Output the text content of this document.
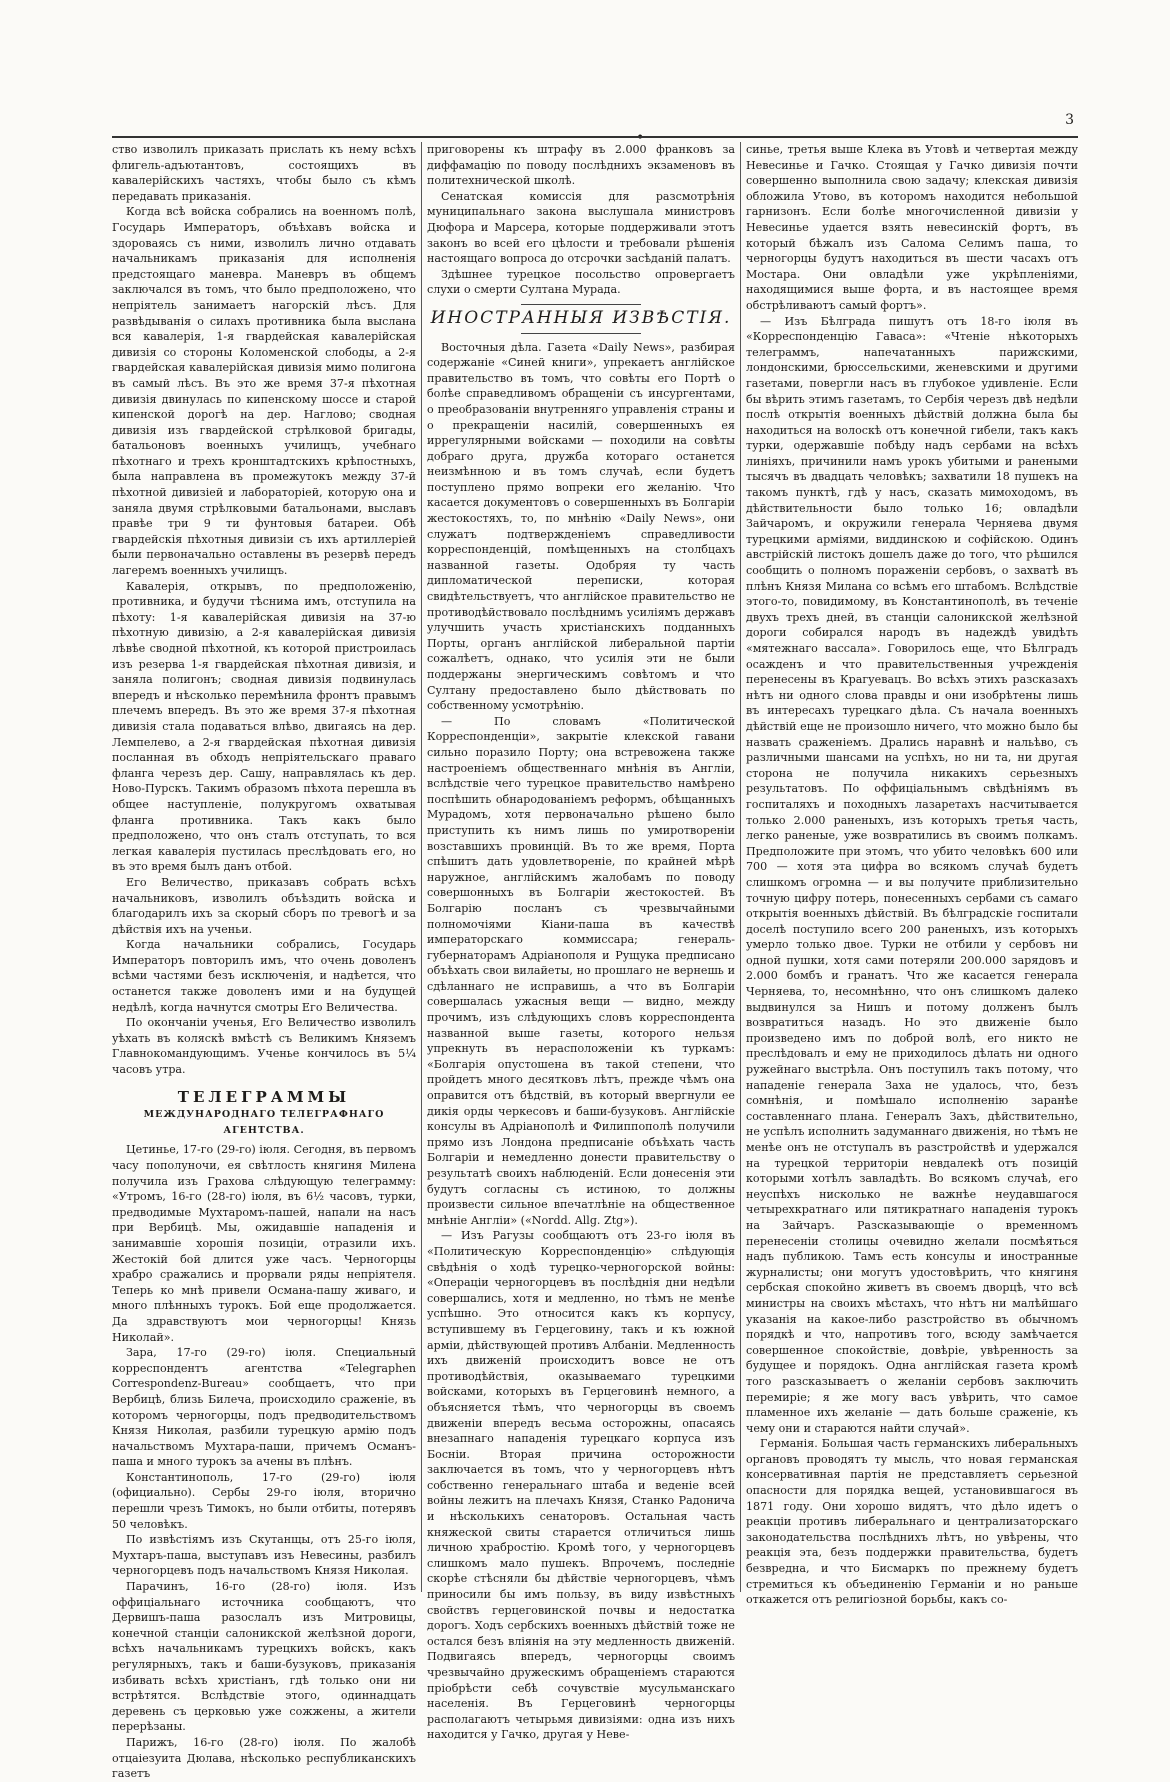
3
•

ство изволилъ приказать прислать къ нему всѣхъ флигель-адъютантовъ, состоящихъ въ кавалерійскихъ частяхъ, чтобы было съ кѣмъ передавать приказанія.

Когда всѣ войска собрались на военномъ полѣ, Государь Императоръ, объѣхавъ войска и здороваясь съ ними, изволилъ лично отдавать начальникамъ приказанія для исполненія предстоящаго маневра. Маневръ въ общемъ заключался въ томъ, что было предположено, что непріятель занимаетъ нагорскій лѣсъ. Для развѣдыванія о силахъ противника была выслана вся кавалерія, 1-я гвардейская кавалерійская дивизія со стороны Коломенской слободы, а 2-я гвардейская кавалерійская дивизія мимо полигона въ самый лѣсъ. Въ это же время 37-я пѣхотная дивизія двинулась по кипенскому шоссе и старой кипенской дорогѣ на дер. Наглово; сводная дивизія изъ гвардейской стрѣлковой бригады, батальоновъ военныхъ училищъ, учебнаго пѣхотнаго и трехъ кронштадтскихъ крѣпостныхъ, была направлена въ промежутокъ между 37-й пѣхотной дивизіей и лабораторіей, которую она и заняла двумя стрѣлковыми батальонами, выславъ правѣе три 9 ти фунтовыя батареи. Обѣ гвардейскія пѣхотныя дивизіи съ ихъ артиллеріей были первоначально оставлены въ резервѣ передъ лагеремъ военныхъ училищъ.

Кавалерія, открывъ, по предположенію, противника, и будучи тѣснима имъ, отступила на пѣхоту: 1-я кавалерійская дивизія на 37-ю пѣхотную дивизію, а 2-я кавалерійская дивизія лѣвѣе сводной пѣхотной, къ которой пристроилась изъ резерва 1-я гвардейская пѣхотная дивизія, и заняла полигонъ; сводная дивизія подвинулась впередъ и нѣсколько перемѣнила фронтъ правымъ плечемъ впередъ. Въ это же время 37-я пѣхотная дивизія стала подаваться влѣво, двигаясь на дер. Лемпелево, а 2-я гвардейская пѣхотная дивизія посланная въ обходъ непріятельскаго праваго фланга черезъ дер. Сашу, направлялась къ дер. Ново-Пурскъ. Такимъ образомъ пѣхота перешла въ общее наступленіе, полукругомъ охватывая фланга противника. Такъ какъ было предположено, что онъ сталъ отступать, то вся легкая кавалерія пустилась преслѣдовать его, но въ это время былъ данъ отбой.

Его Величество, приказавъ собрать всѣхъ начальниковъ, изволилъ объѣздить войска и благодарилъ ихъ за скорый сборъ по тревогѣ и за дѣйствія ихъ на ученьи.

Когда начальники собрались, Государь Императоръ повторилъ имъ, что очень доволенъ всѣми частями безъ исключенія, и надѣется, что останется также доволенъ ими и на будущей недѣлѣ, когда начнутся смотры Его Величества.

По окончаніи ученья, Его Величество изволилъ уѣхать въ коляскѣ вмѣстѣ съ Великимъ Княземъ Главнокомандующимъ. Ученье кончилось въ 5¼ часовъ утра.

ТЕЛЕГРАММЫ
МЕЖДУНАРОДНАГО ТЕЛЕГРАФНАГО АГЕНТСТВА.

Цетинье, 17-го (29-го) іюля. Сегодня, въ первомъ часу пополуночи, ея свѣтлость княгиня Милена получила изъ Грахова слѣдующую телеграмму: «Утромъ, 16-го (28-го) іюля, въ 6½ часовъ, турки, предводимые Мухтаромъ-пашей, напали на насъ при Вербицѣ. Мы, ожидавшіе нападенія и занимавшіе хорошія позиціи, отразили ихъ. Жестокій бой длится уже часъ. Черногорцы храбро сражались и прорвали ряды непріятеля. Теперь ко мнѣ привели Османа-пашу живаго, и много плѣнныхъ турокъ. Бой еще продолжается. Да здравствуютъ мои черногорцы! Князь Николай».

Зара, 17-го (29-го) іюля. Специальный корреспондентъ агентства «Telegraphen Correspondenz-Bureau» сообщаетъ, что при Вербицѣ, близь Билеча, происходило сраженіе, въ которомъ черногорцы, подъ предводительствомъ Князя Николая, разбили турецкую армію подъ начальствомъ Мухтара-паши, причемъ Османъ-паша и много турокъ за ачены въ плѣнъ.

Константинополь, 17-го (29-го) іюля (официально). Сербы 29-го іюля, вторично перешли чрезъ Тимокъ, но были отбиты, потерявъ 50 человѣкъ.

По извѣстіямъ изъ Скутанщы, отъ 25-го іюля, Мухтаръ-паша, выступавъ изъ Невесины, разбилъ черногорцевъ подъ начальствомъ Князя Николая.

Парачинъ, 16-го (28-го) іюля. Изъ оффиціальнаго источника сообщаютъ, что Дервишъ-паша разослалъ изъ Митровицы, конечной станціи салоникской желѣзной дороги, всѣхъ начальникамъ турецкихъ войскъ, какъ регулярныхъ, такъ и баши-бузуковъ, приказанія избивать всѣхъ христіанъ, гдѣ только они ни встрѣтятся. Вслѣдствіе этого, одиннадцать деревень съ церковью уже сожжены, а жители перерѣзаны.

Парижъ, 16-го (28-го) іюля. По жалобѣ отцаіезуита Дюлава, нѣсколько республиканскихъ газетъ

приговорены къ штрафу въ 2.000 франковъ за диффамацію по поводу послѣднихъ экзаменовъ въ политехнической школѣ.

Сенатская комиссія для разсмотрѣнія муниципальнаго закона выслушала министровъ Дюфора и Марсера, которые поддерживали этотъ законъ во всей его цѣлости и требовали рѣшенія настоящаго вопроса до отсрочки засѣданій палатъ.

Здѣшнее турецкое посольство опровергаетъ слухи о смерти Султана Мурада.

ИНОСТРАННЫЯ ИЗВѢСТІЯ.

Восточныя дѣла. Газета «Daily News», разбирая содержаніе «Синей книги», упрекаетъ англійское правительство въ томъ, что совѣты его Портѣ о болѣе справедливомъ обращеніи съ инсургентами, о преобразованіи внутренняго управленія страны и о прекращеніи насилій, совершенныхъ ея иррегулярными войсками — походили на совѣты добраго друга, дружба котораго останется неизмѣнною и въ томъ случаѣ, если будетъ поступлено прямо вопреки его желанію. Что касается документовъ о совершенныхъ въ Болгаріи жестокостяхъ, то, по мнѣнію «Daily News», они служатъ подтвержденіемъ справедливости корреспонденцій, помѣщенныхъ на столбцахъ названной газеты. Одобряя ту часть дипломатической переписки, которая свидѣтельствуетъ, что англійское правительство не противодѣйствовало послѣднимъ усиліямъ державъ улучшить участь христіанскихъ подданныхъ Порты, органъ англійской либеральной партіи сожалѣетъ, однако, что усилія эти не были поддержаны энергическимъ совѣтомъ и что Султану предоставлено было дѣйствовать по собственному усмотрѣнію.

— По словамъ «Политической Корреспонденціи», закрытіе клекской гавани сильно поразило Порту; она встревожена также настроеніемъ общественнаго мнѣнія въ Англіи, вслѣдствіе чего турецкое правительство намѣрено поспѣшить обнародованіемъ реформъ, обѣщанныхъ Мурадомъ, хотя первоначально рѣшено было приступить къ нимъ лишь по умиротвореніи возставшихъ провинцій. Въ то же время, Порта спѣшитъ дать удовлетвореніе, по крайней мѣрѣ наружное, англійскимъ жалобамъ по поводу совершонныхъ въ Болгаріи жестокостей. Въ Болгарію посланъ съ чрезвычайными полномочіями Кіани-паша въ качествѣ императорскаго коммиссара; генераль-губернаторамъ Адріанополя и Рущука предписано объѣхать свои вилайеты, но прошлаго не вернешь и сдѣланнаго не исправишь, а что въ Болгаріи совершалась ужасныя вещи — видно, между прочимъ, изъ слѣдующихъ словъ корреспондента названной выше газеты, которого нельзя упрекнуть въ нерасположеніи къ туркамъ: «Болгарія опустошена въ такой степени, что пройдетъ много десятковъ лѣтъ, прежде чѣмъ она оправится отъ бѣдствій, въ который ввергнули ее дикія орды черкесовъ и баши-бузуковъ. Англійскіе консулы въ Адріанополѣ и Филиппополѣ получили прямо изъ Лондона предписаніе объѣхать часть Болгаріи и немедленно донести правительству о результатѣ своихъ наблюденій. Если донесенія эти будутъ согласны съ истиною, то должны произвести сильное впечатлѣніе на общественное мнѣніе Англіи» («Nordd. Allg. Ztg»).

— Изъ Рагузы сообщаютъ отъ 23-го іюля въ «Политическую Корреспонденцію» слѣдующія свѣдѣнія о ходѣ турецко-черногорской войны: «Операціи черногорцевъ въ послѣднія дни недѣли совершались, хотя и медленно, но тѣмъ не менѣе успѣшно. Это относится какъ къ корпусу, вступившему въ Герцеговину, такъ и къ южной арміи, дѣйствующей противъ Албаніи. Медленность ихъ движеній происходитъ вовсе не отъ противодѣйствія, оказываемаго турецкими войсками, которыхъ въ Герцеговинѣ немного, а объясняется тѣмъ, что черногорцы въ своемъ движеніи впередъ весьма осторожны, опасаясь внезапнаго нападенія турецкаго корпуса изъ Босніи. Вторая причина осторожности заключается въ томъ, что у черногорцевъ нѣтъ собственно генеральнаго штаба и веденіе всей войны лежитъ на плечахъ Князя, Станко Радонича и нѣсколькихъ сенаторовъ. Остальная часть княжеской свиты старается отличиться лишь личною храбростію. Кромѣ того, у черногорцевъ слишкомъ мало пушекъ. Впрочемъ, последніе скорѣе стѣсняли бы дѣйствіе черногорцевъ, чѣмъ приносили бы имъ пользу, въ виду извѣстныхъ свойствъ герцеговинской почвы и недостатка дорогъ. Ходъ сербскихъ военныхъ дѣйствій тоже не остался безъ вліянія на эту медленность движеній. Подвигаясь впередъ, черногорцы своимъ чрезвычайно дружескимъ обращеніемъ стараются пріобрѣсти себѣ сочувствіе мусульманскаго населенія. Въ Герцеговинѣ черногорцы располагаютъ четырьмя дивизіями: одна изъ нихъ находится у Гачко, другая у Неве-

синье, третья выше Клека въ Утовѣ и четвертая между Невесинье и Гачко. Стоящая у Гачко дивизія почти совершенно выполнила свою задачу; клекская дивизія обложила Утово, въ которомъ находится небольшой гарнизонъ. Если болѣе многочисленной дивизіи у Невесинье удается взять невесинскій фортъ, въ который бѣжалъ изъ Салома Селимъ паша, то черногорцы будутъ находиться въ шести часахъ отъ Мостара. Они овладѣли уже укрѣпленіями, находящимися выше форта, и въ настоящее время обстрѣливаютъ самый фортъ».

— Изъ Бѣлграда пишутъ отъ 18-го іюля въ «Корреспонденцію Гаваса»: «Чтеніе нѣкоторыхъ телеграммъ, напечатанныхъ парижскими, лондонскими, брюссельскими, женевскими и другими газетами, повергли насъ въ глубокое удивленіе. Если бы вѣрить этимъ газетамъ, то Сербія черезъ двѣ недѣли послѣ открытія военныхъ дѣйствій должна была бы находиться на волоскѣ отъ конечной гибели, такъ какъ турки, одержавшіе побѣду надъ сербами на всѣхъ линіяхъ, причинили намъ урокъ убитыми и ранеными тысячъ въ двадцать человѣкъ; захватили 18 пушекъ на такомъ пунктѣ, гдѣ у насъ, сказать мимоходомъ, въ дѣйствительности было только 16; овладѣли Зайчаромъ, и окружили генерала Черняева двумя турецкими арміями, виддинскою и софійскою. Одинъ австрійскій листокъ дошелъ даже до того, что рѣшился сообщить о полномъ пораженіи сербовъ, о захватѣ въ плѣнъ Князя Милана со всѣмъ его штабомъ. Вслѣдствіе этого-то, повидимому, въ Константинополѣ, въ теченіе двухъ трехъ дней, въ станціи салоникской желѣзной дороги собирался народъ въ надеждѣ увидѣть «мятежнаго вассала». Говорилось еще, что Бѣлградъ осажденъ и что правительственныя учрежденія перенесены въ Крагуевацъ. Во всѣхъ этихъ разсказахъ нѣтъ ни одного слова правды и они изобрѣтены лишь въ интересахъ турецкаго дѣла. Съ начала военныхъ дѣйствій еще не произошло ничего, что можно было бы назвать сраженіемъ. Дрались наравнѣ и нальѣво, съ различными шансами на успѣхъ, но ни та, ни другая сторона не получила никакихъ серьезныхъ результатовъ. По оффиціальнымъ свѣдѣніямъ въ госпиталяхъ и походныхъ лазаретахъ насчитывается только 2.000 раненыхъ, изъ которыхъ третья часть, легко раненые, уже возвратились въ своимъ полкамъ. Предположите при этомъ, что убито человѣкъ 600 или 700 — хотя эта цифра во всякомъ случаѣ будетъ слишкомъ огромна — и вы получите приблизительно точную цифру потерь, понесенныхъ сербами съ самаго открытія военныхъ дѣйствій. Въ бѣлградскіе госпитали доселѣ поступило всего 200 раненыхъ, изъ которыхъ умерло только двое. Турки не отбили у сербовъ ни одной пушки, хотя сами потеряли 200.000 зарядовъ и 2.000 бомбъ и гранатъ. Что же касается генерала Черняева, то, несомнѣнно, что онъ слишкомъ далеко выдвинулся за Нишъ и потому долженъ былъ возвратиться назадъ. Но это движеніе было произведено имъ по доброй волѣ, его никто не преслѣдовалъ и ему не приходилось дѣлать ни одного ружейнаго выстрѣла. Онъ поступилъ такъ потому, что нападеніе генерала Заха не удалось, что, безъ сомнѣнія, и помѣшало исполненію заранѣе составленнаго плана. Генералъ Захъ, дѣйствительно, не успѣлъ исполнить задуманнаго движенія, но тѣмъ не менѣе онъ не отступалъ въ разстройствѣ и удержался на турецкой территоріи невдалекѣ отъ позицій которыми хотѣлъ завладѣть. Во всякомъ случаѣ, его неуспѣхъ нисколько не важнѣе неудавшагося четырехкратнаго или пятикратнаго нападенія турокъ на Зайчаръ. Разсказывающіе о временномъ перенесеніи столицы очевидно желали посмѣяться надъ публикою. Тамъ есть консулы и иностранные журналисты; они могутъ удостовѣрить, что княгиня сербская спокойно живетъ въ своемъ дворцѣ, что всѣ министры на своихъ мѣстахъ, что нѣтъ ни малѣйшаго указанія на какое-либо разстройство въ обычномъ порядкѣ и что, напротивъ того, всюду замѣчается совершенное спокойствіе, довѣріе, увѣренность за будущее и порядокъ. Одна англійская газета кромѣ того разсказываетъ о желаніи сербовъ заключить перемиріе; я же могу васъ увѣрить, что самое пламенное ихъ желаніе — дать больше сраженіе, къ чему они и стараются найти случай».

Германія. Большая часть германскихъ либеральныхъ органовъ проводятъ ту мысль, что новая германская консервативная партія не представляетъ серьезной опасности для порядка вещей, установившагося въ 1871 году. Они хорошо видятъ, что дѣло идетъ о реакціи противъ либеральнаго и централизаторскаго законодательства послѣднихъ лѣтъ, но увѣрены, что реакція эта, безъ поддержки правительства, будетъ безвредна, и что Бисмаркъ по прежнему будетъ стремиться къ объединенію Германіи и но раньше откажется отъ религіозной борьбы, какъ со-
